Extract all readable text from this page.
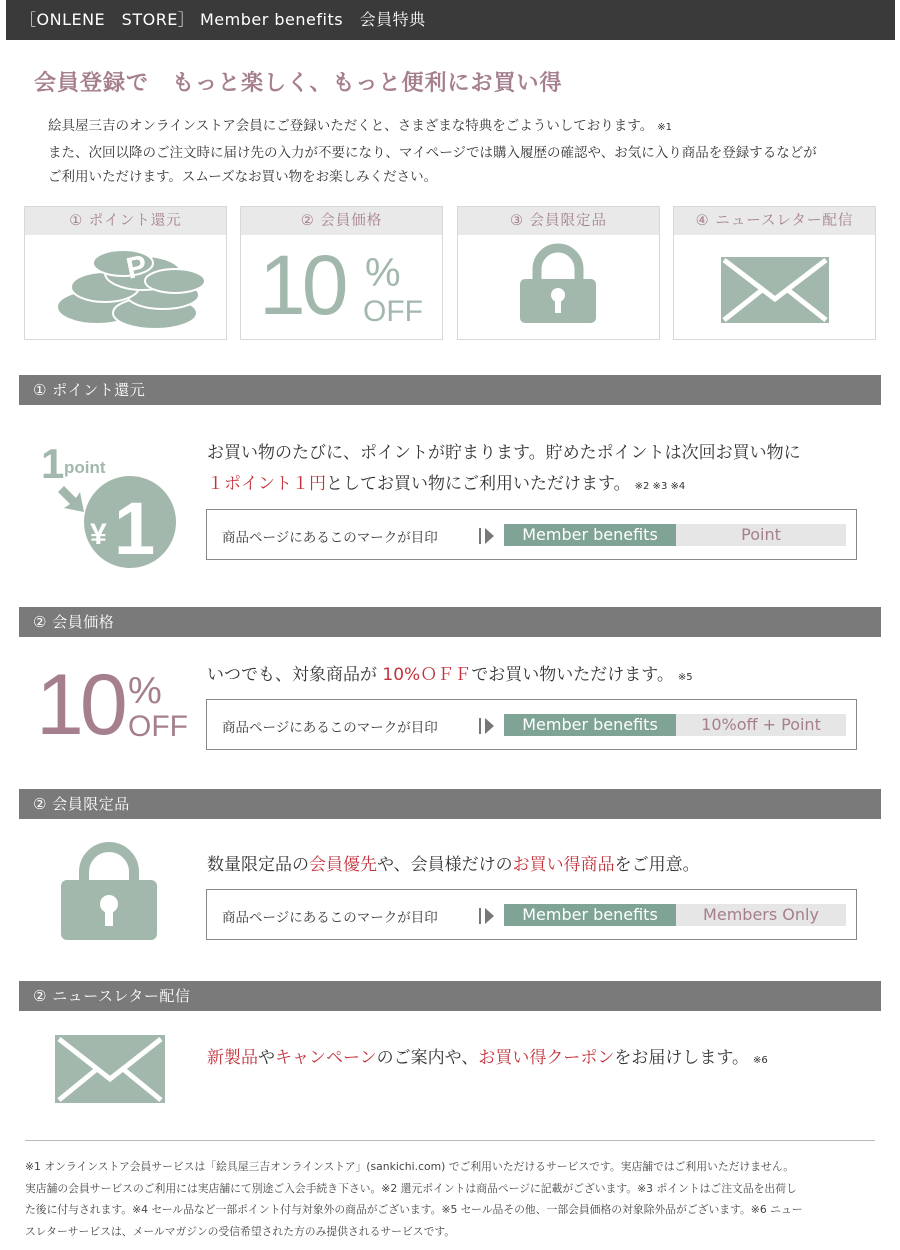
［ONLENE　STORE］ Member benefits　会員特典
会員登録で　もっと楽しく、もっと便利にお買い得
絵具屋三吉のオンラインストア会員にご登録いただくと、さまざまな特典をごよういしております。 ※1
また、次回以降のご注文時に届け先の入力が不要になり、マイページでは購入履歴の確認や、お気に入り商品を登録するなどが
ご利用いただけます。スムーズなお買い物をお楽しみください。
① ポイント還元
P
② 会員価格
10 %
OFF
③ 会員限定品	④ ニュースレター配信
① ポイント還元
1 point
¥ 1
お買い物のたびに、ポイントが貯まります。貯めたポイントは次回お買い物に
１ポイント１円としてお買い物にご利用いただけます。 ※2 ※3 ※4
商品ページにあるこのマークが目印	Member benefits	Point
② 会員価格
10 %
OFF
いつでも、対象商品が 10%ＯＦＦでお買い物いただけます。 ※5
商品ページにあるこのマークが目印	Member benefits	10%off + Point
② 会員限定品
数量限定品の会員優先や、会員様だけのお買い得商品をご用意。
商品ページにあるこのマークが目印	Member benefits	Members Only
② ニュースレター配信
新製品やキャンペーンのご案内や、お買い得クーポンをお届けします。 ※6
※1 オンラインストア会員サービスは「絵具屋三吉オンラインストア」(sankichi.com) でご利用いただけるサービスです。実店舗ではご利用いただけません。
実店舗の会員サービスのご利用には実店舗にて別途ご入会手続き下さい。※2 還元ポイントは商品ページに記載がございます。※3 ポイントはご注文品を出荷し
た後に付与されます。※4 セール品など一部ポイント付与対象外の商品がございます。※5 セール品その他、一部会員価格の対象除外品がございます。※6 ニュー
スレターサービスは、メールマガジンの受信希望された方のみ提供されるサービスです。
